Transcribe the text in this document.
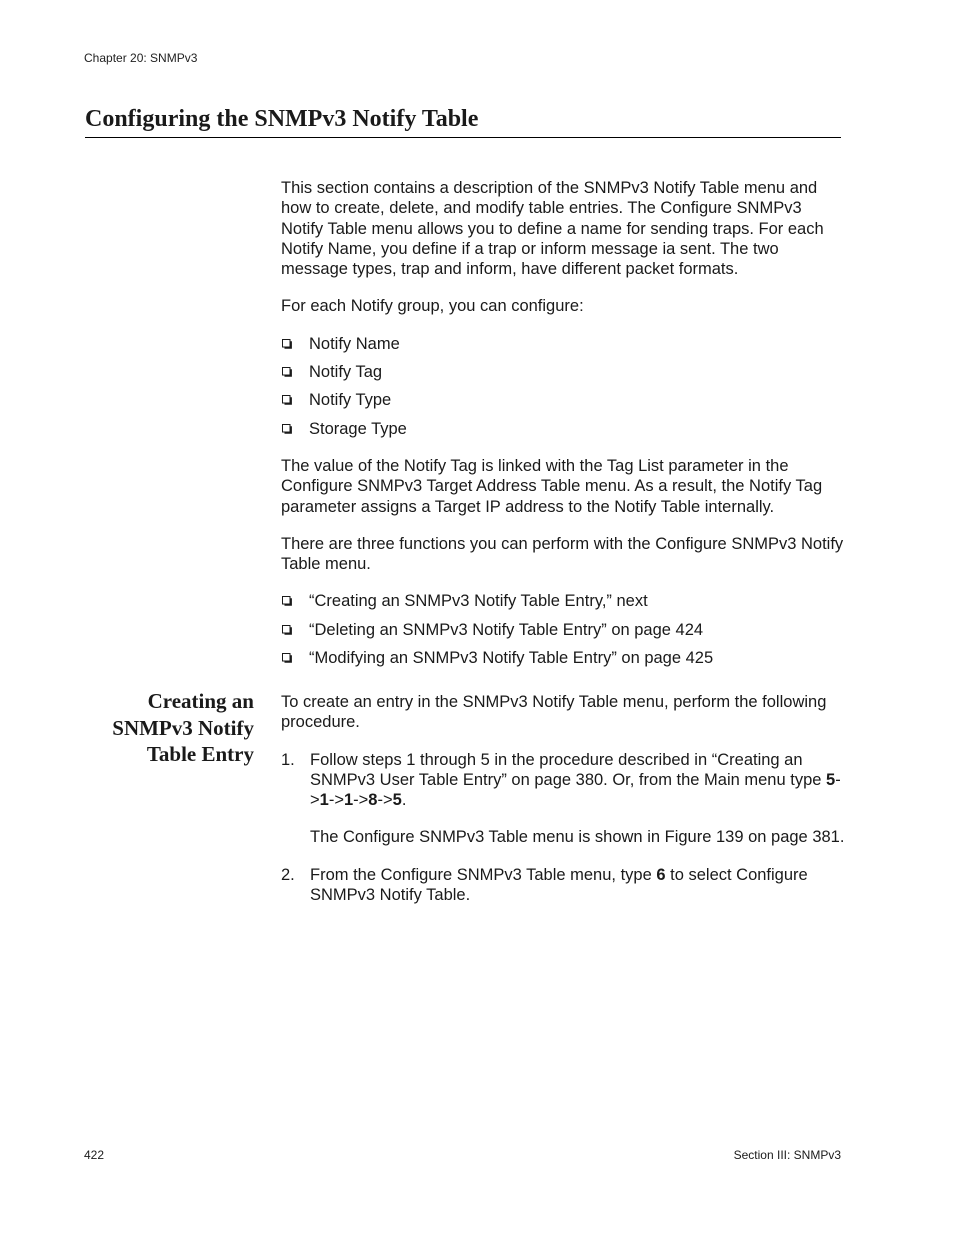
Chapter 20: SNMPv3
Configuring the SNMPv3 Notify Table

This section contains a description of the SNMPv3 Notify Table menu and how to create, delete, and modify table entries. The Configure SNMPv3 Notify Table menu allows you to define a name for sending traps. For each Notify Name, you define if a trap or inform message ia sent. The two message types, trap and inform, have different packet formats.

For each Notify group, you can configure:

Notify Name
Notify Tag
Notify Type
Storage Type

The value of the Notify Tag is linked with the Tag List parameter in the Configure SNMPv3 Target Address Table menu. As a result, the Notify Tag parameter assigns a Target IP address to the Notify Table internally.

There are three functions you can perform with the Configure SNMPv3 Notify Table menu.

“Creating an SNMPv3 Notify Table Entry,” next
“Deleting an SNMPv3 Notify Table Entry” on page 424
“Modifying an SNMPv3 Notify Table Entry” on page 425
Creating an
SNMPv3 Notify
Table Entry

To create an entry in the SNMPv3 Notify Table menu, perform the following procedure.

1. Follow steps 1 through 5 in the procedure described in “Creating an SNMPv3 User Table Entry” on page 380. Or, from the Main menu type 5->1->1->8->5.

The Configure SNMPv3 Table menu is shown in Figure 139 on page 381.

2. From the Configure SNMPv3 Table menu, type 6 to select Configure SNMPv3 Notify Table.
422	Section III: SNMPv3
